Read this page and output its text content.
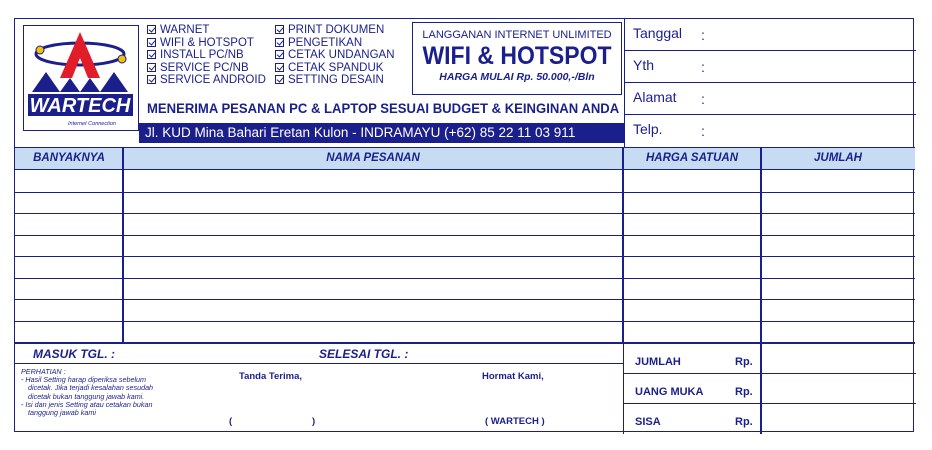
WARTECH
Internet Connection
WARNET
WIFI & HOTSPOT
INSTALL PC/NB
SERVICE PC/NB
SERVICE ANDROID
PRINT DOKUMEN
PENGETIKAN
CETAK UNDANGAN
CETAK SPANDUK
SETTING DESAIN
LANGGANAN INTERNET UNLIMITED
WIFI & HOTSPOT
HARGA MULAI Rp. 50.000,-/Bln
MENERIMA PESANAN PC & LAPTOP SESUAI BUDGET & KEINGINAN ANDA
Jl. KUD Mina Bahari Eretan Kulon - INDRAMAYU (+62) 85 22 11 03 911
Tanggal :
Yth	:
Alamat :
Telp.	:
BANYAKNYA	NAMA PESANAN	HARGA SATUAN	JUMLAH
MASUK TGL. :	SELESAI TGL. :
PERHATIAN :
- Hasil Setting harap diperiksa sebelum
dicetak. Jika terjadi kesalahan sesudah
dicetak bukan tanggung jawab kami.
- Isi dan jenis Setting atau cetakan bukan
tanggung jawab kami
Tanda Terima,	Hormat Kami,
(	)	( WARTECH )
JUMLAH	Rp.
UANG MUKA	Rp.
SISA	Rp.
